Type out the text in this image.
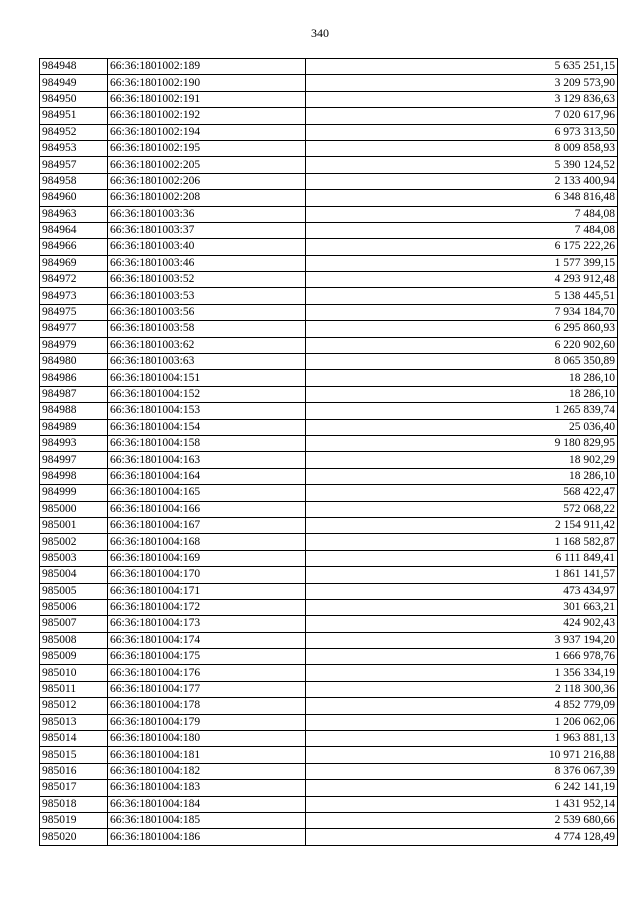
340
984948	66:36:1801002:189	5 635 251,15
984949	66:36:1801002:190	3 209 573,90
984950	66:36:1801002:191	3 129 836,63
984951	66:36:1801002:192	7 020 617,96
984952	66:36:1801002:194	6 973 313,50
984953	66:36:1801002:195	8 009 858,93
984957	66:36:1801002:205	5 390 124,52
984958	66:36:1801002:206	2 133 400,94
984960	66:36:1801002:208	6 348 816,48
984963	66:36:1801003:36	7 484,08
984964	66:36:1801003:37	7 484,08
984966	66:36:1801003:40	6 175 222,26
984969	66:36:1801003:46	1 577 399,15
984972	66:36:1801003:52	4 293 912,48
984973	66:36:1801003:53	5 138 445,51
984975	66:36:1801003:56	7 934 184,70
984977	66:36:1801003:58	6 295 860,93
984979	66:36:1801003:62	6 220 902,60
984980	66:36:1801003:63	8 065 350,89
984986	66:36:1801004:151	18 286,10
984987	66:36:1801004:152	18 286,10
984988	66:36:1801004:153	1 265 839,74
984989	66:36:1801004:154	25 036,40
984993	66:36:1801004:158	9 180 829,95
984997	66:36:1801004:163	18 902,29
984998	66:36:1801004:164	18 286,10
984999	66:36:1801004:165	568 422,47
985000	66:36:1801004:166	572 068,22
985001	66:36:1801004:167	2 154 911,42
985002	66:36:1801004:168	1 168 582,87
985003	66:36:1801004:169	6 111 849,41
985004	66:36:1801004:170	1 861 141,57
985005	66:36:1801004:171	473 434,97
985006	66:36:1801004:172	301 663,21
985007	66:36:1801004:173	424 902,43
985008	66:36:1801004:174	3 937 194,20
985009	66:36:1801004:175	1 666 978,76
985010	66:36:1801004:176	1 356 334,19
985011	66:36:1801004:177	2 118 300,36
985012	66:36:1801004:178	4 852 779,09
985013	66:36:1801004:179	1 206 062,06
985014	66:36:1801004:180	1 963 881,13
985015	66:36:1801004:181	10 971 216,88
985016	66:36:1801004:182	8 376 067,39
985017	66:36:1801004:183	6 242 141,19
985018	66:36:1801004:184	1 431 952,14
985019	66:36:1801004:185	2 539 680,66
985020	66:36:1801004:186	4 774 128,49
